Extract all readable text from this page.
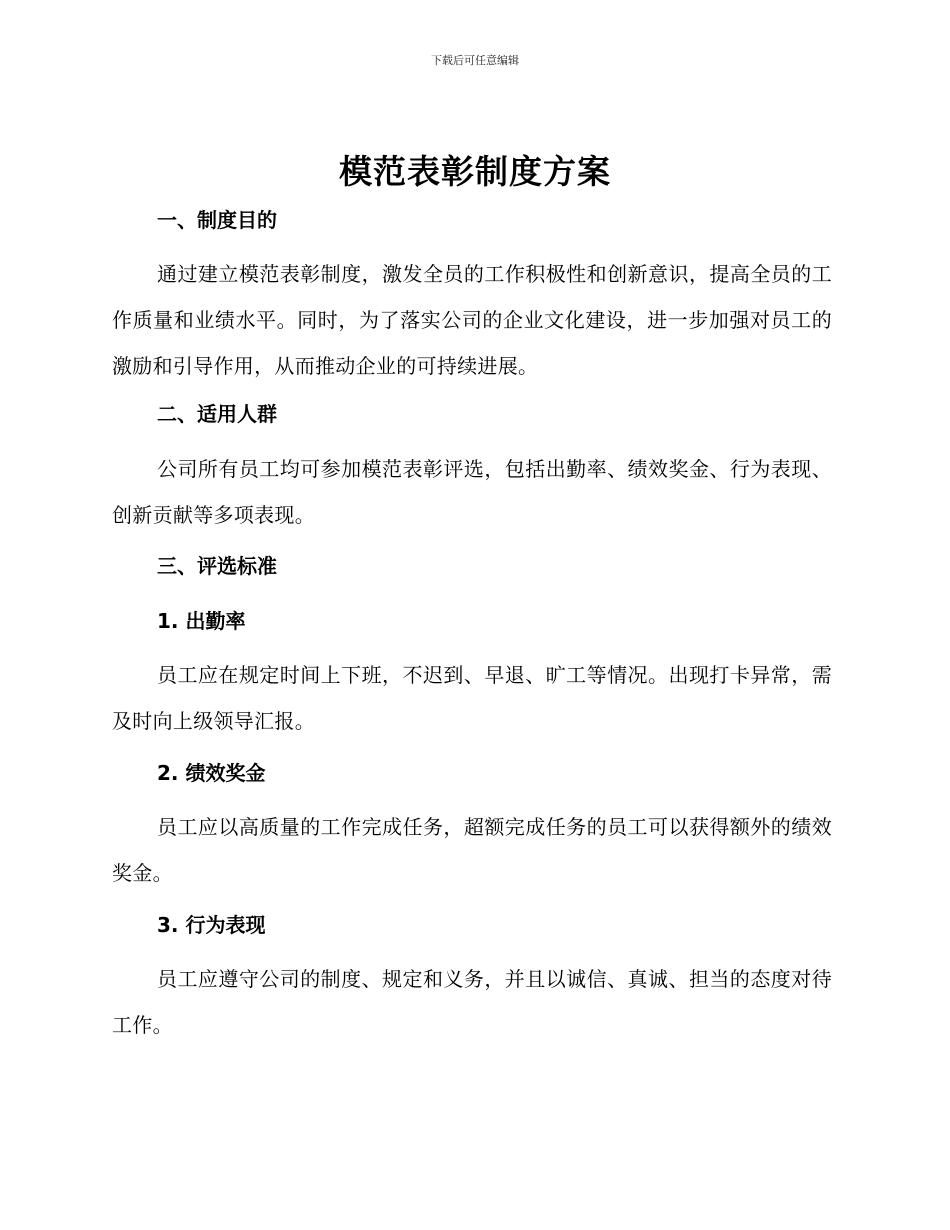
下载后可任意编辑
模范表彰制度方案
一、制度目的

通过建立模范表彰制度，激发全员的工作积极性和创新意识，提高全员的工作质量和业绩水平。同时，为了落实公司的企业文化建设，进一步加强对员工的激励和引导作用，从而推动企业的可持续进展。

二、适用人群

公司所有员工均可参加模范表彰评选，包括出勤率、绩效奖金、行为表现、创新贡献等多项表现。

三、评选标准
1. 出勤率

员工应在规定时间上下班，不迟到、早退、旷工等情况。出现打卡异常，需及时向上级领导汇报。

2. 绩效奖金

员工应以高质量的工作完成任务，超额完成任务的员工可以获得额外的绩效奖金。

3. 行为表现

员工应遵守公司的制度、规定和义务，并且以诚信、真诚、担当的态度对待工作。
